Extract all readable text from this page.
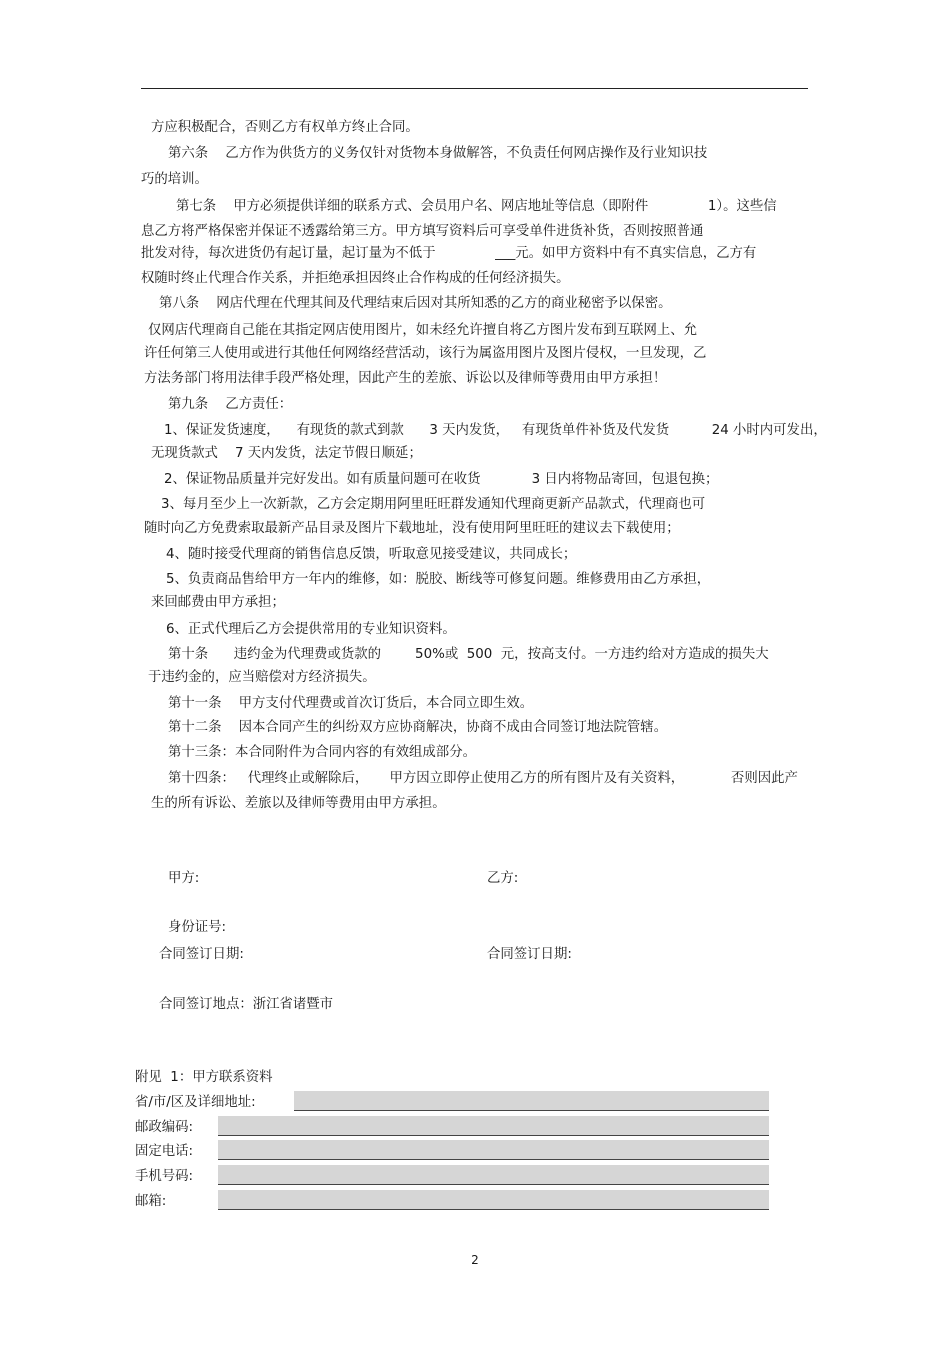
方应积极配合，否则乙方有权单方终止合同。
第六条    乙方作为供货方的义务仅针对货物本身做解答，不负责任何网店操作及行业知识技
巧的培训。
第七条    甲方必须提供详细的联系方式、会员用户名、网店地址等信息（即附件              1）。这些信
息乙方将严格保密并保证不透露给第三方。甲方填写资料后可享受单件进货补货，否则按照普通
批发对待，每次进货仍有起订量，起订量为不低于              ___元。如甲方资料中有不真实信息，乙方有
权随时终止代理合作关系，并拒绝承担因终止合作构成的任何经济损失。
第八条    网店代理在代理其间及代理结束后因对其所知悉的乙方的商业秘密予以保密。
仅网店代理商自己能在其指定网店使用图片，如未经允许擅自将乙方图片发布到互联网上、允
许任何第三人使用或进行其他任何网络经营活动，该行为属盗用图片及图片侵权，一旦发现，乙
方法务部门将用法律手段严格处理，因此产生的差旅、诉讼以及律师等费用由甲方承担！
第九条    乙方责任：
1、保证发货速度，    有现货的款式到款      3 天内发货，   有现货单件补货及代发货          24 小时内可发出，
无现货款式    7 天内发货，法定节假日顺延；
2、保证物品质量并完好发出。如有质量问题可在收货            3 日内将物品寄回，包退包换；
3、每月至少上一次新款，乙方会定期用阿里旺旺群发通知代理商更新产品款式，代理商也可
随时向乙方免费索取最新产品目录及图片下载地址，没有使用阿里旺旺的建议去下载使用；
4、随时接受代理商的销售信息反馈，听取意见接受建议，共同成长；
5、负责商品售给甲方一年内的维修，如：脱胶、断线等可修复问题。维修费用由乙方承担，
来回邮费由甲方承担；
6、正式代理后乙方会提供常用的专业知识资料。
第十条      违约金为代理费或货款的        50%或  500  元，按高支付。一方违约给对方造成的损失大
于违约金的，应当赔偿对方经济损失。
第十一条    甲方支付代理费或首次订货后，本合同立即生效。
第十二条    因本合同产生的纠纷双方应协商解决，协商不成由合同签订地法院管辖。
第十三条：本合同附件为合同内容的有效组成部分。
第十四条：   代理终止或解除后，     甲方因立即停止使用乙方的所有图片及有关资料，           否则因此产
生的所有诉讼、差旅以及律师等费用由甲方承担。
甲方:	乙方:
身份证号:
合同签订日期:	合同签订日期:
合同签订地点：浙江省诸暨市
附见  1：甲方联系资料
省/市/区及详细地址:
邮政编码:
固定电话:
手机号码:
邮箱:
2
